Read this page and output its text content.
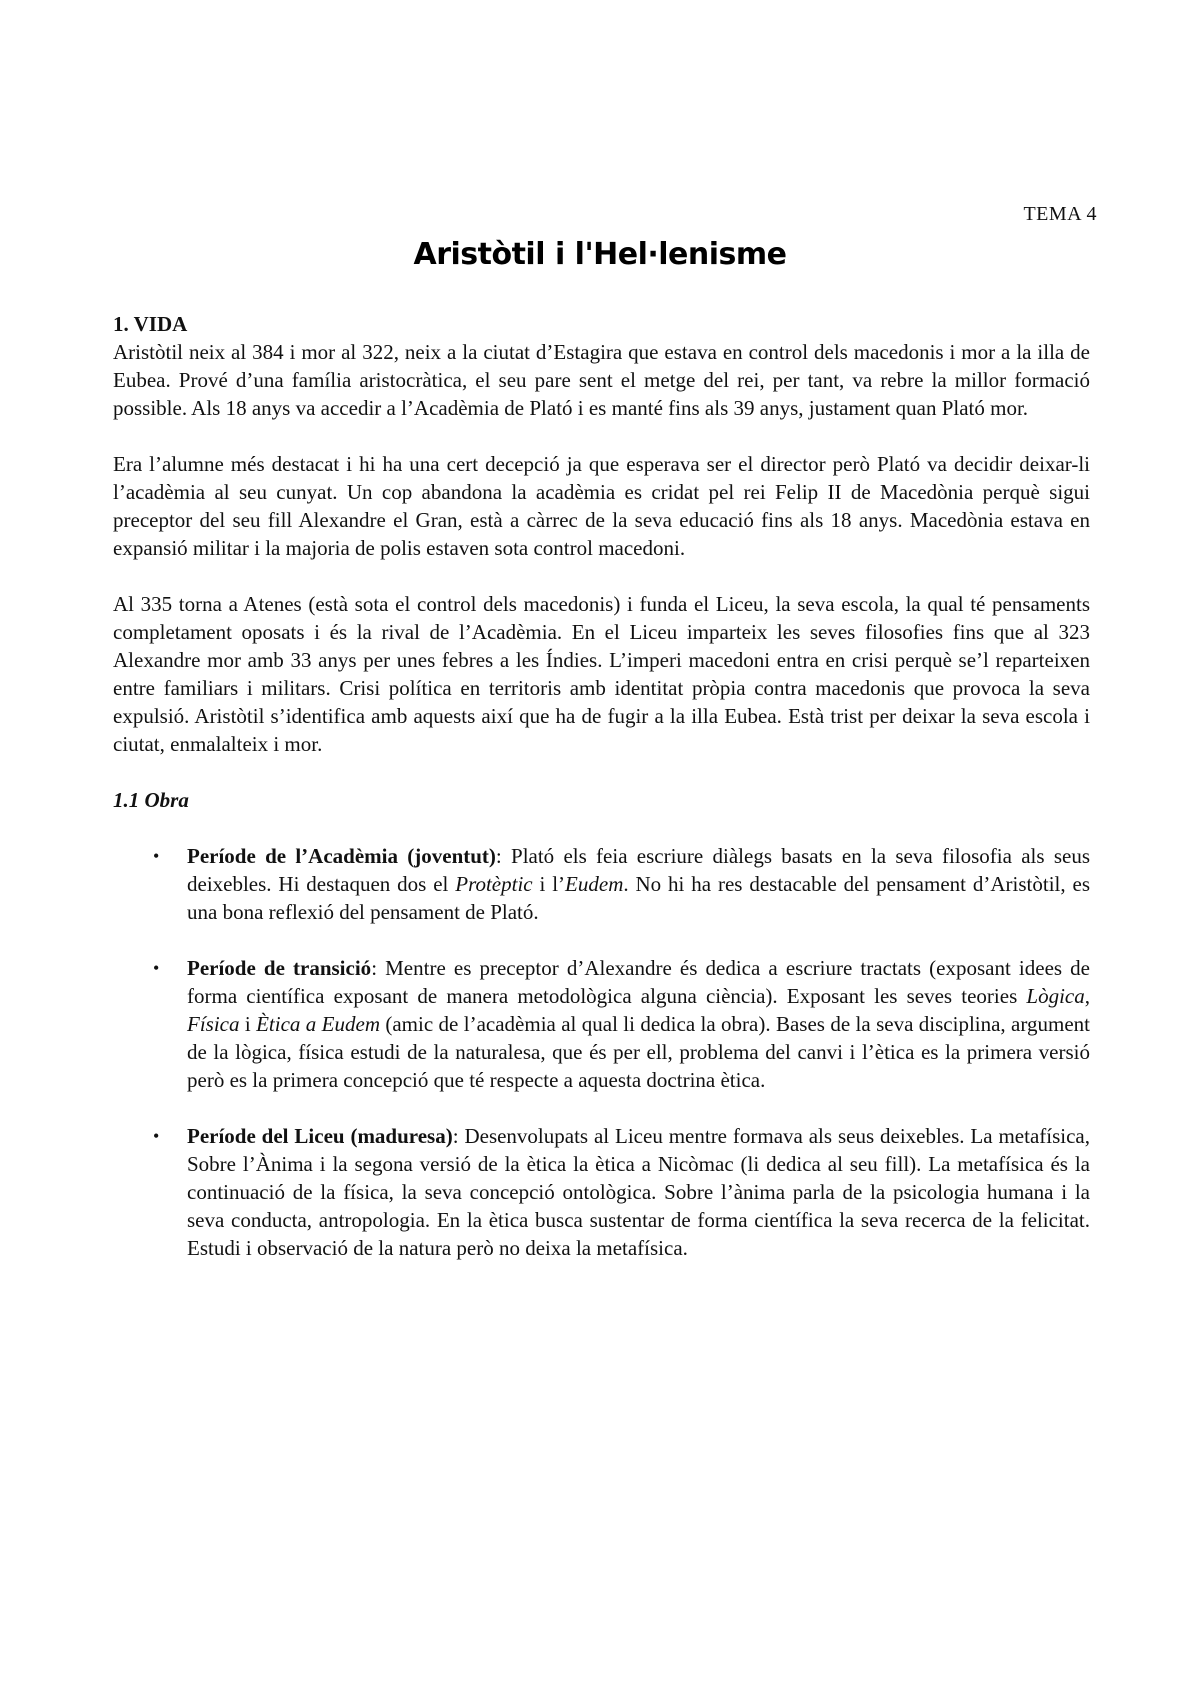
TEMA 4
Aristòtil i l'Hel·lenisme
1. VIDA

Aristòtil neix al 384 i mor al 322, neix a la ciutat d’Estagira que estava en control dels macedonis i mor a la illa de Eubea. Prové d’una família aristocràtica, el seu pare sent el metge del rei, per tant, va rebre la millor formació possible. Als 18 anys va accedir a l’Acadèmia de Plató i es manté fins als 39 anys, justament quan Plató mor.

Era l’alumne més destacat i hi ha una cert decepció ja que esperava ser el director però Plató va decidir deixar-li l’acadèmia al seu cunyat. Un cop abandona la acadèmia es cridat pel rei Felip II de Macedònia perquè sigui preceptor del seu fill Alexandre el Gran, està a càrrec de la seva educació fins als 18 anys. Macedònia estava en expansió militar i la majoria de polis estaven sota control macedoni.

Al 335 torna a Atenes (està sota el control dels macedonis) i funda el Liceu, la seva escola, la qual té pensaments completament oposats i és la rival de l’Acadèmia. En el Liceu imparteix les seves filosofies fins que al 323 Alexandre mor amb 33 anys per unes febres a les Índies. L’imperi macedoni entra en crisi perquè se’l reparteixen entre familiars i militars. Crisi política en territoris amb identitat pròpia contra macedonis que provoca la seva expulsió. Aristòtil s’identifica amb aquests així que ha de fugir a la illa Eubea. Està trist per deixar la seva escola i ciutat, enmalalteix i mor.

1.1 Obra
• Període de l’Acadèmia (joventut): Plató els feia escriure diàlegs basats en la seva filosofia als seus deixebles. Hi destaquen dos el Protèptic i l’Eudem. No hi ha res destacable del pensament d’Aristòtil, es una bona reflexió del pensament de Plató.
• Període de transició: Mentre es preceptor d’Alexandre és dedica a escriure tractats (exposant idees de forma científica exposant de manera metodològica alguna ciència). Exposant les seves teories Lògica, Física i Ètica a Eudem (amic de l’acadèmia al qual li dedica la obra). Bases de la seva disciplina, argument de la lògica, física estudi de la naturalesa, que és per ell, problema del canvi i l’ètica es la primera versió però es la primera concepció que té respecte a aquesta doctrina ètica.
• Període del Liceu (maduresa): Desenvolupats al Liceu mentre formava als seus deixebles. La metafísica, Sobre l’Ànima i la segona versió de la ètica la ètica a Nicòmac (li dedica al seu fill). La metafísica és la continuació de la física, la seva concepció ontològica. Sobre l’ànima parla de la psicologia humana i la seva conducta, antropologia. En la ètica busca sustentar de forma científica la seva recerca de la felicitat. Estudi i observació de la natura però no deixa la metafísica.
